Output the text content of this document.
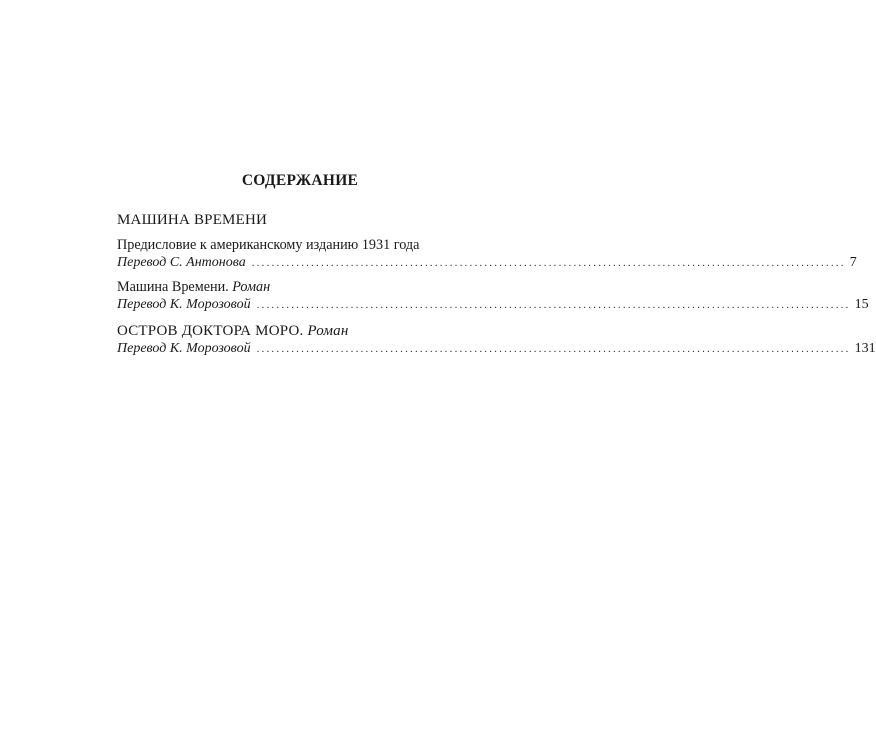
СОДЕРЖАНИЕ
МАШИНА ВРЕМЕНИ
Предисловие к американскому изданию 1931 года
Перевод С. Антонова ........................................................................................................................ 7
Машина Времени. Роман
Перевод К. Морозовой ........................................................................................................................ 15
ОСТРОВ ДОКТОРА МОРО. Роман
Перевод К. Морозовой ........................................................................................................................ 131
